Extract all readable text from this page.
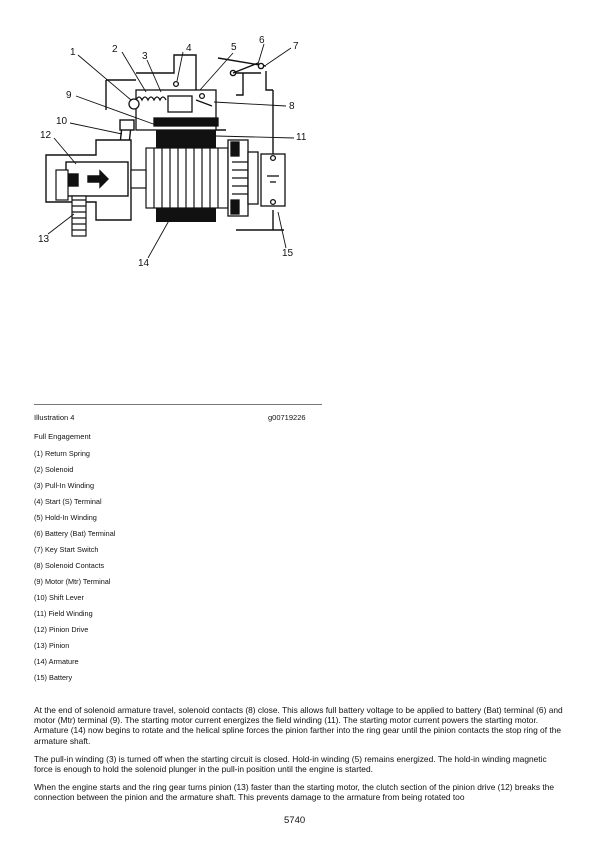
1	2
3
4	5
6
7
8
9
10
11
12
13
14
15
Illustration 4	g00719226
Full Engagement
(1) Return Spring
(2) Solenoid
(3) Pull-In Winding
(4) Start (S) Terminal
(5) Hold-In Winding
(6) Battery (Bat) Terminal
(7) Key Start Switch
(8) Solenoid Contacts
(9) Motor (Mtr) Terminal
(10) Shift Lever
(11) Field Winding
(12) Pinion Drive
(13) Pinion
(14) Armature
(15) Battery

At the end of solenoid armature travel, solenoid contacts (8) close. This allows full battery voltage to be applied to battery (Bat) terminal (6) and motor (Mtr) terminal (9). The starting motor current energizes the field winding (11). The starting motor current powers the starting motor. Armature (14) now begins to rotate and the helical spline forces the pinion farther into the ring gear until the pinion contacts the stop ring of the armature shaft.

The pull-in winding (3) is turned off when the starting circuit is closed. Hold-in winding (5) remains energized. The hold-in winding magnetic force is enough to hold the solenoid plunger in the pull-in position until the engine is started.

When the engine starts and the ring gear turns pinion (13) faster than the starting motor, the clutch section of the pinion drive (12) breaks the connection between the pinion and the armature shaft. This prevents damage to the armature from being rotated too

5740
